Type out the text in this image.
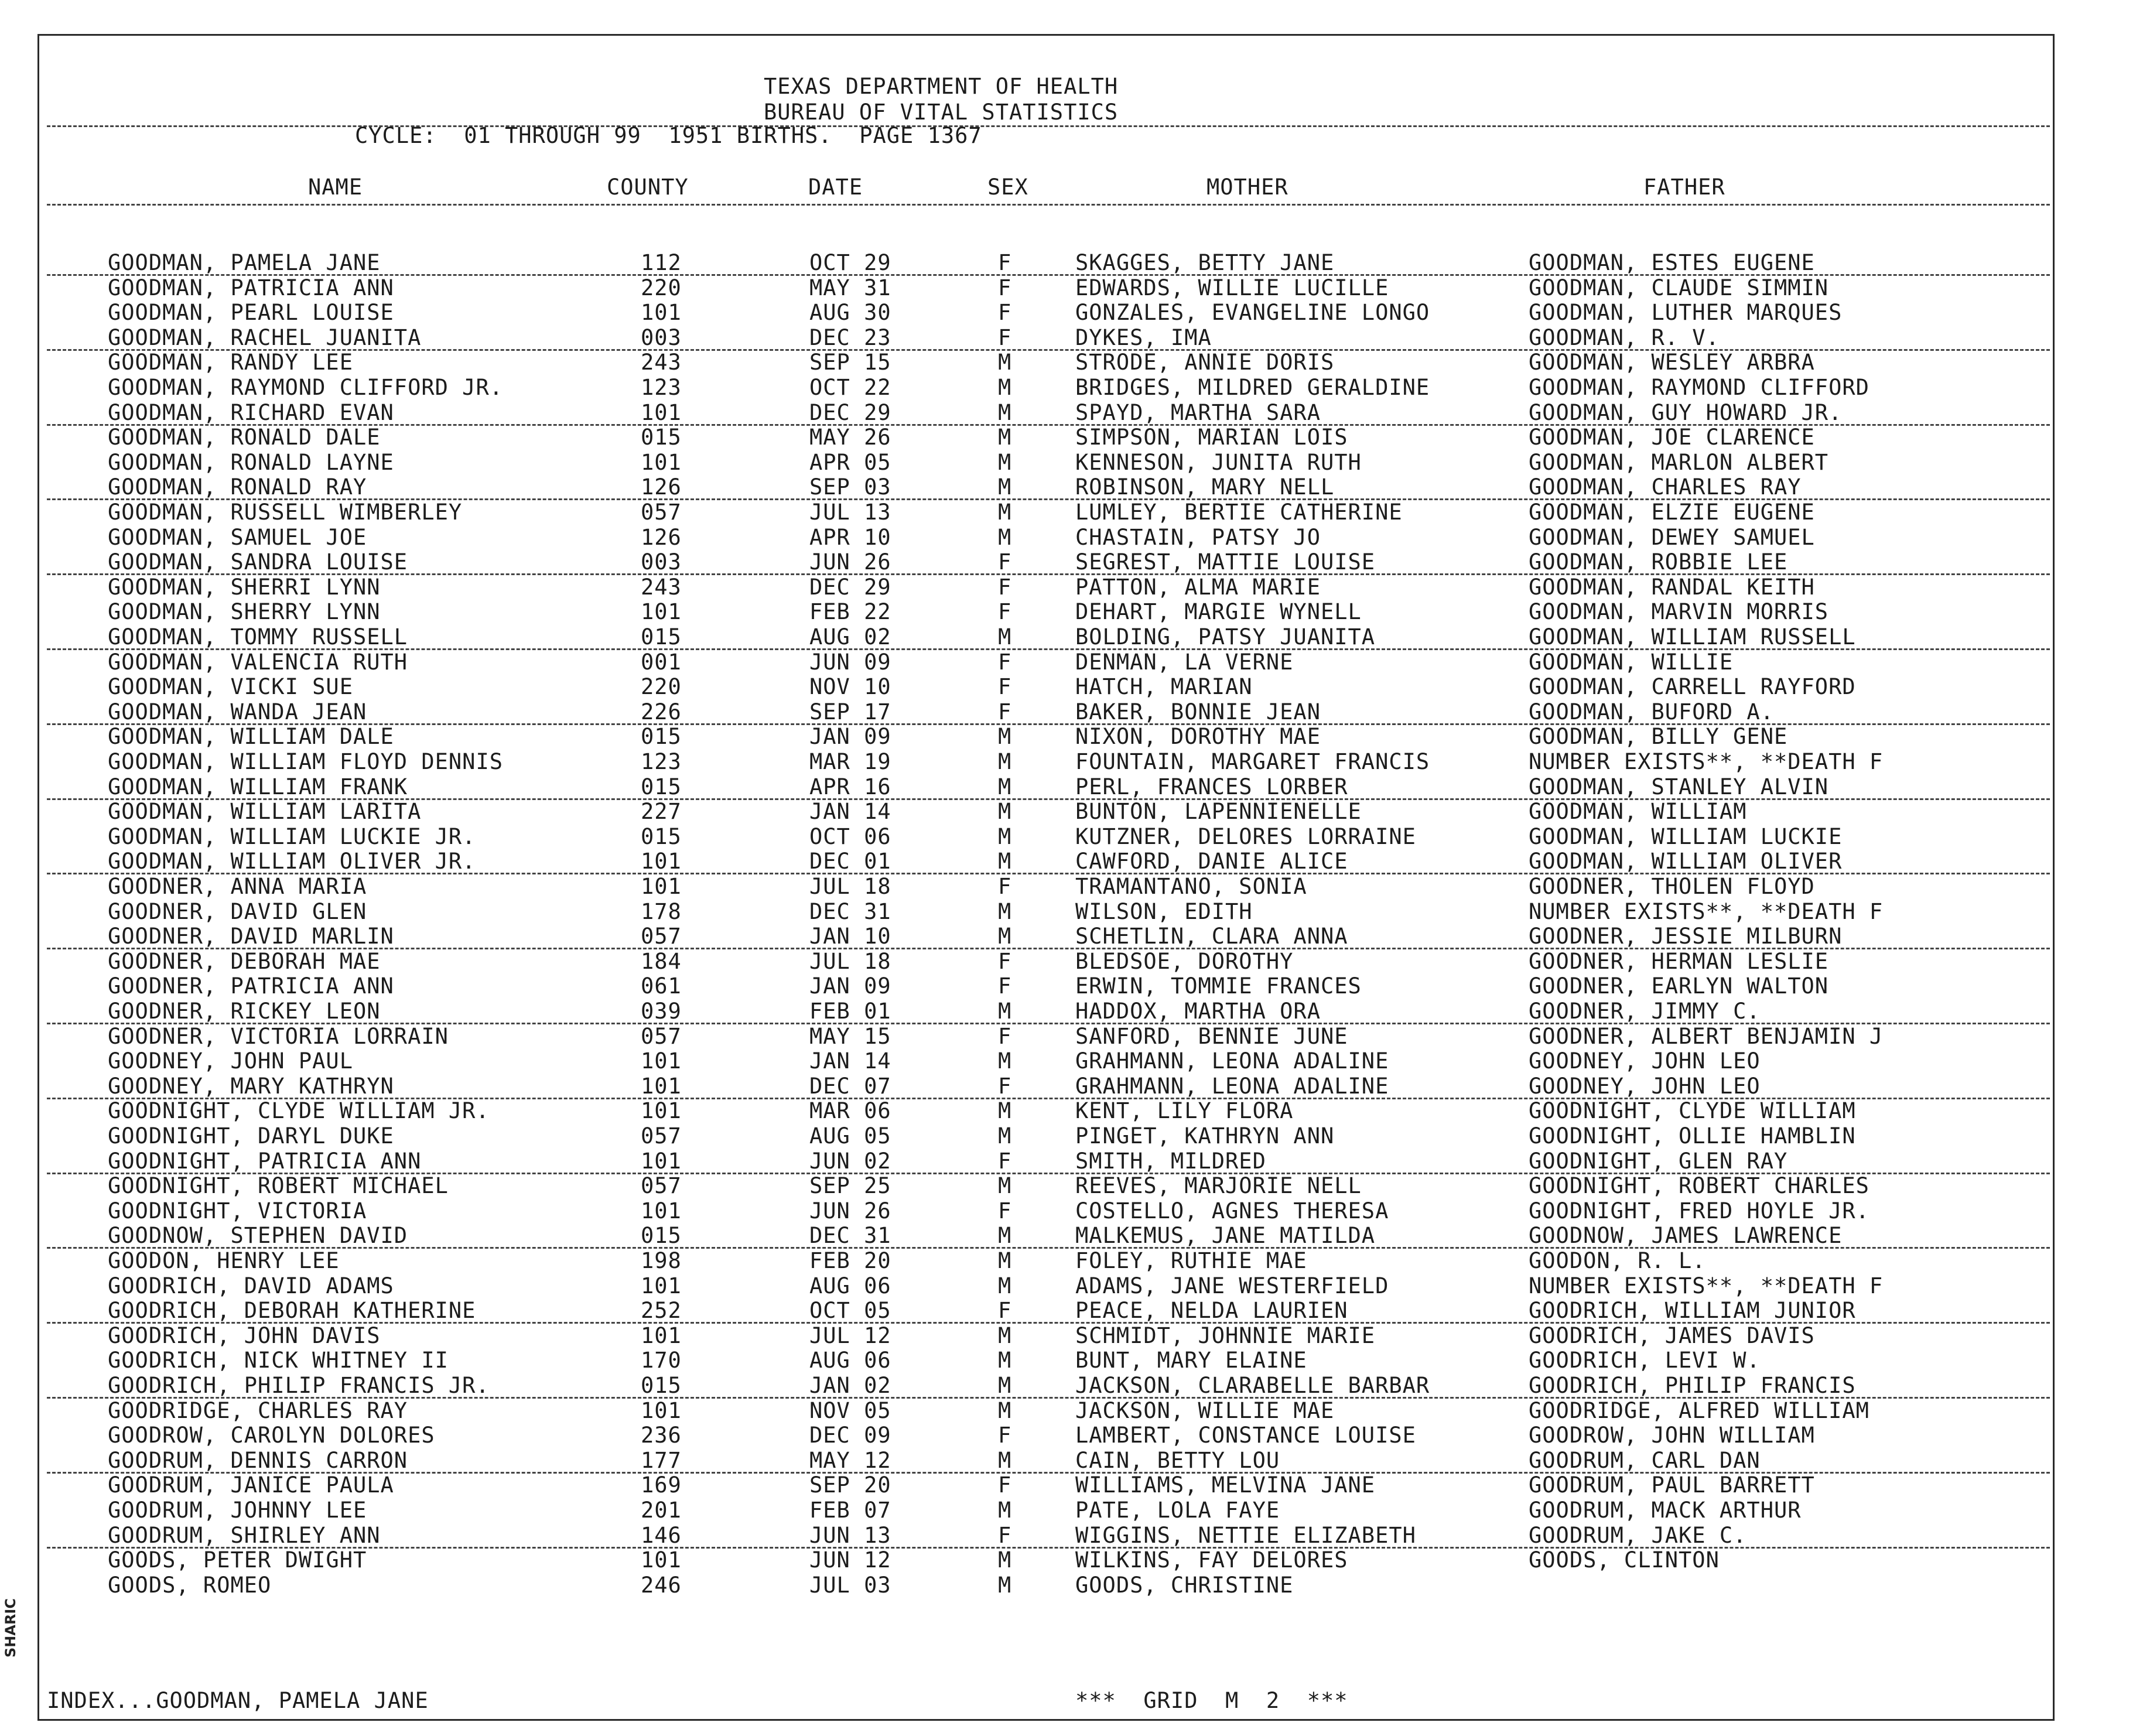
TEXAS DEPARTMENT OF HEALTH
BUREAU OF VITAL STATISTICS
CYCLE:  01 THROUGH 99  1951 BIRTHS.  PAGE 1367
NAME	COUNTY	DATE	SEX	MOTHER	FATHER
GOODMAN, PAMELA JANE	112	OCT 29	F	SKAGGES, BETTY JANE	GOODMAN, ESTES EUGENE
GOODMAN, PATRICIA ANN	220	MAY 31	F	EDWARDS, WILLIE LUCILLE	GOODMAN, CLAUDE SIMMIN
GOODMAN, PEARL LOUISE	101	AUG 30	F	GONZALES, EVANGELINE LONGO	GOODMAN, LUTHER MARQUES
GOODMAN, RACHEL JUANITA	003	DEC 23	F	DYKES, IMA	GOODMAN, R. V.
GOODMAN, RANDY LEE	243	SEP 15	M	STRODE, ANNIE DORIS	GOODMAN, WESLEY ARBRA
GOODMAN, RAYMOND CLIFFORD JR.	123	OCT 22	M	BRIDGES, MILDRED GERALDINE	GOODMAN, RAYMOND CLIFFORD
GOODMAN, RICHARD EVAN	101	DEC 29	M	SPAYD, MARTHA SARA	GOODMAN, GUY HOWARD JR.
GOODMAN, RONALD DALE	015	MAY 26	M	SIMPSON, MARIAN LOIS	GOODMAN, JOE CLARENCE
GOODMAN, RONALD LAYNE	101	APR 05	M	KENNESON, JUNITA RUTH	GOODMAN, MARLON ALBERT
GOODMAN, RONALD RAY	126	SEP 03	M	ROBINSON, MARY NELL	GOODMAN, CHARLES RAY
GOODMAN, RUSSELL WIMBERLEY	057	JUL 13	M	LUMLEY, BERTIE CATHERINE	GOODMAN, ELZIE EUGENE
GOODMAN, SAMUEL JOE	126	APR 10	M	CHASTAIN, PATSY JO	GOODMAN, DEWEY SAMUEL
GOODMAN, SANDRA LOUISE	003	JUN 26	F	SEGREST, MATTIE LOUISE	GOODMAN, ROBBIE LEE
GOODMAN, SHERRI LYNN	243	DEC 29	F	PATTON, ALMA MARIE	GOODMAN, RANDAL KEITH
GOODMAN, SHERRY LYNN	101	FEB 22	F	DEHART, MARGIE WYNELL	GOODMAN, MARVIN MORRIS
GOODMAN, TOMMY RUSSELL	015	AUG 02	M	BOLDING, PATSY JUANITA	GOODMAN, WILLIAM RUSSELL
GOODMAN, VALENCIA RUTH	001	JUN 09	F	DENMAN, LA VERNE	GOODMAN, WILLIE
GOODMAN, VICKI SUE	220	NOV 10	F	HATCH, MARIAN	GOODMAN, CARRELL RAYFORD
GOODMAN, WANDA JEAN	226	SEP 17	F	BAKER, BONNIE JEAN	GOODMAN, BUFORD A.
GOODMAN, WILLIAM DALE	015	JAN 09	M	NIXON, DOROTHY MAE	GOODMAN, BILLY GENE
GOODMAN, WILLIAM FLOYD DENNIS	123	MAR 19	M	FOUNTAIN, MARGARET FRANCIS	NUMBER EXISTS**, **DEATH F
GOODMAN, WILLIAM FRANK	015	APR 16	M	PERL, FRANCES LORBER	GOODMAN, STANLEY ALVIN
GOODMAN, WILLIAM LARITA	227	JAN 14	M	BUNTON, LAPENNIENELLE	GOODMAN, WILLIAM
GOODMAN, WILLIAM LUCKIE JR.	015	OCT 06	M	KUTZNER, DELORES LORRAINE	GOODMAN, WILLIAM LUCKIE
GOODMAN, WILLIAM OLIVER JR.	101	DEC 01	M	CAWFORD, DANIE ALICE	GOODMAN, WILLIAM OLIVER
GOODNER, ANNA MARIA	101	JUL 18	F	TRAMANTANO, SONIA	GOODNER, THOLEN FLOYD
GOODNER, DAVID GLEN	178	DEC 31	M	WILSON, EDITH	NUMBER EXISTS**, **DEATH F
GOODNER, DAVID MARLIN	057	JAN 10	M	SCHETLIN, CLARA ANNA	GOODNER, JESSIE MILBURN
GOODNER, DEBORAH MAE	184	JUL 18	F	BLEDSOE, DOROTHY	GOODNER, HERMAN LESLIE
GOODNER, PATRICIA ANN	061	JAN 09	F	ERWIN, TOMMIE FRANCES	GOODNER, EARLYN WALTON
GOODNER, RICKEY LEON	039	FEB 01	M	HADDOX, MARTHA ORA	GOODNER, JIMMY C.
GOODNER, VICTORIA LORRAIN	057	MAY 15	F	SANFORD, BENNIE JUNE	GOODNER, ALBERT BENJAMIN J
GOODNEY, JOHN PAUL	101	JAN 14	M	GRAHMANN, LEONA ADALINE	GOODNEY, JOHN LEO
GOODNEY, MARY KATHRYN	101	DEC 07	F	GRAHMANN, LEONA ADALINE	GOODNEY, JOHN LEO
GOODNIGHT, CLYDE WILLIAM JR.	101	MAR 06	M	KENT, LILY FLORA	GOODNIGHT, CLYDE WILLIAM
GOODNIGHT, DARYL DUKE	057	AUG 05	M	PINGET, KATHRYN ANN	GOODNIGHT, OLLIE HAMBLIN
GOODNIGHT, PATRICIA ANN	101	JUN 02	F	SMITH, MILDRED	GOODNIGHT, GLEN RAY
GOODNIGHT, ROBERT MICHAEL	057	SEP 25	M	REEVES, MARJORIE NELL	GOODNIGHT, ROBERT CHARLES
GOODNIGHT, VICTORIA	101	JUN 26	F	COSTELLO, AGNES THERESA	GOODNIGHT, FRED HOYLE JR.
GOODNOW, STEPHEN DAVID	015	DEC 31	M	MALKEMUS, JANE MATILDA	GOODNOW, JAMES LAWRENCE
GOODON, HENRY LEE	198	FEB 20	M	FOLEY, RUTHIE MAE	GOODON, R. L.
GOODRICH, DAVID ADAMS	101	AUG 06	M	ADAMS, JANE WESTERFIELD	NUMBER EXISTS**, **DEATH F
GOODRICH, DEBORAH KATHERINE	252	OCT 05	F	PEACE, NELDA LAURIEN	GOODRICH, WILLIAM JUNIOR
GOODRICH, JOHN DAVIS	101	JUL 12	M	SCHMIDT, JOHNNIE MARIE	GOODRICH, JAMES DAVIS
GOODRICH, NICK WHITNEY II	170	AUG 06	M	BUNT, MARY ELAINE	GOODRICH, LEVI W.
GOODRICH, PHILIP FRANCIS JR.	015	JAN 02	M	JACKSON, CLARABELLE BARBAR	GOODRICH, PHILIP FRANCIS
GOODRIDGE, CHARLES RAY	101	NOV 05	M	JACKSON, WILLIE MAE	GOODRIDGE, ALFRED WILLIAM
GOODROW, CAROLYN DOLORES	236	DEC 09	F	LAMBERT, CONSTANCE LOUISE	GOODROW, JOHN WILLIAM
GOODRUM, DENNIS CARRON	177	MAY 12	M	CAIN, BETTY LOU	GOODRUM, CARL DAN
GOODRUM, JANICE PAULA	169	SEP 20	F	WILLIAMS, MELVINA JANE	GOODRUM, PAUL BARRETT
GOODRUM, JOHNNY LEE	201	FEB 07	M	PATE, LOLA FAYE	GOODRUM, MACK ARTHUR
GOODRUM, SHIRLEY ANN	146	JUN 13	F	WIGGINS, NETTIE ELIZABETH	GOODRUM, JAKE C.
GOODS, PETER DWIGHT	101	JUN 12	M	WILKINS, FAY DELORES	GOODS, CLINTON
GOODS, ROMEO	246	JUL 03	M	GOODS, CHRISTINE
INDEX...GOODMAN, PAMELA JANE	***  GRID  M  2  ***
SHARIC
